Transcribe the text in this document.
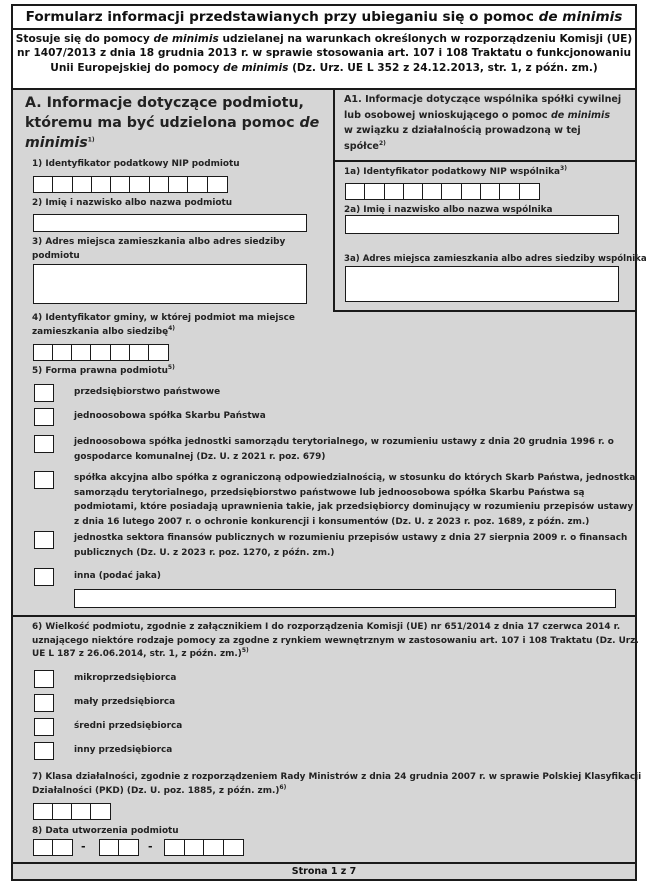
Formularz informacji przedstawianych przy ubieganiu się o pomoc de minimis
Stosuje się do pomocy de minimis udzielanej na warunkach określonych w rozporządzeniu Komisji (UE)
nr 1407/2013 z dnia 18 grudnia 2013 r. w sprawie stosowania art. 107 i 108 Traktatu o funkcjonowaniu
Unii Europejskiej do pomocy de minimis (Dz. Urz. UE L 352 z 24.12.2013, str. 1, z późn. zm.)
A. Informacje dotyczące podmiotu,
któremu ma być udzielona pomoc de
minimis$^{1)}$
1) Identyfikator podatkowy NIP podmiotu
2) Imię i nazwisko albo nazwa podmiotu
3) Adres miejsca zamieszkania albo adres siedziby
podmiotu
A1. Informacje dotyczące wspólnika spółki cywilnej
lub osobowej wnioskującego o pomoc de minimis
w związku z działalnością prowadzoną w tej
spółce$^{2)}$
1a) Identyfikator podatkowy NIP wspólnika$^{3)}$
2a) Imię i nazwisko albo nazwa wspólnika
3a) Adres miejsca zamieszkania albo adres siedziby wspólnika
4) Identyfikator gminy, w której podmiot ma miejsce
zamieszkania albo siedzibę$^{4)}$
5) Forma prawna podmiotu$^{5)}$
przedsiębiorstwo państwowe
jednoosobowa spółka Skarbu Państwa
jednoosobowa spółka jednostki samorządu terytorialnego, w rozumieniu ustawy z dnia 20 grudnia 1996 r. o
gospodarce komunalnej (Dz. U. z 2021 r. poz. 679)
spółka akcyjna albo spółka z ograniczoną odpowiedzialnością, w stosunku do których Skarb Państwa, jednostka
samorządu terytorialnego, przedsiębiorstwo państwowe lub jednoosobowa spółka Skarbu Państwa są
podmiotami, które posiadają uprawnienia takie, jak przedsiębiorcy dominujący w rozumieniu przepisów ustawy
z dnia 16 lutego 2007 r. o ochronie konkurencji i konsumentów (Dz. U. z 2023 r. poz. 1689, z późn. zm.)
jednostka sektora finansów publicznych w rozumieniu przepisów ustawy z dnia 27 sierpnia 2009 r. o finansach
publicznych (Dz. U. z 2023 r. poz. 1270, z późn. zm.)
inna (podać jaka)
6) Wielkość podmiotu, zgodnie z załącznikiem I do rozporządzenia Komisji (UE) nr 651/2014 z dnia 17 czerwca 2014 r.
uznającego niektóre rodzaje pomocy za zgodne z rynkiem wewnętrznym w zastosowaniu art. 107 i 108 Traktatu (Dz. Urz.
UE L 187 z 26.06.2014, str. 1, z późn. zm.)$^{5)}$
mikroprzedsiębiorca
mały przedsiębiorca
średni przedsiębiorca
inny przedsiębiorca
7) Klasa działalności, zgodnie z rozporządzeniem Rady Ministrów z dnia 24 grudnia 2007 r. w sprawie Polskiej Klasyfikacji
Działalności (PKD) (Dz. U. poz. 1885, z późn. zm.)$^{6)}$
8) Data utworzenia podmiotu
-	-
Strona 1 z 7
